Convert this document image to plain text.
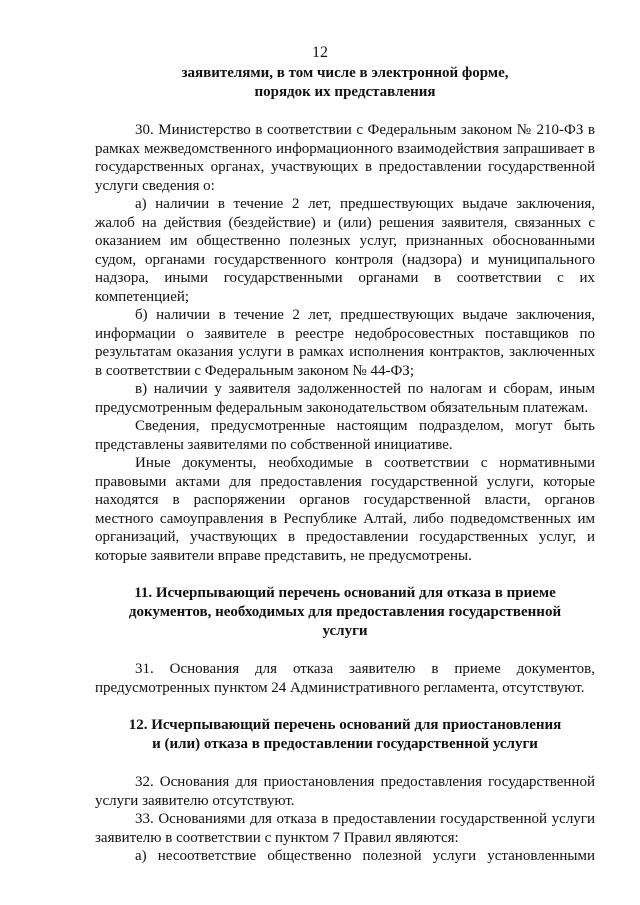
12

заявителями, в том числе в электронной форме,

порядок их представления

30. Министерство в соответствии с Федеральным законом № 210-ФЗ в рамках межведомственного информационного взаимодействия запрашивает в государственных органах, участвующих в предоставлении государственной услуги сведения о:

а) наличии в течение 2 лет, предшествующих выдаче заключения, жалоб на действия (бездействие) и (или) решения заявителя, связанных с оказанием им общественно полезных услуг, признанных обоснованными судом, органами государственного контроля (надзора) и муниципального надзора, иными государственными органами в соответствии с их компетенцией;

б) наличии в течение 2 лет, предшествующих выдаче заключения, информации о заявителе в реестре недобросовестных поставщиков по результатам оказания услуги в рамках исполнения контрактов, заключенных в соответствии с Федеральным законом № 44-ФЗ;

в) наличии у заявителя задолженностей по налогам и сборам, иным предусмотренным федеральным законодательством обязательным платежам.

Сведения, предусмотренные настоящим подразделом, могут быть представлены заявителями по собственной инициативе.

Иные документы, необходимые в соответствии с нормативными правовыми актами для предоставления государственной услуги, которые находятся в распоряжении органов государственной власти, органов местного самоуправления в Республике Алтай, либо подведомственных им организаций, участвующих в предоставлении государственных услуг, и которые заявители вправе представить, не предусмотрены.

11. Исчерпывающий перечень оснований для отказа в приеме

документов, необходимых для предоставления государственной

услуги

31. Основания для отказа заявителю в приеме документов, предусмотренных пунктом 24 Административного регламента, отсутствуют.

12. Исчерпывающий перечень оснований для приостановления

и (или) отказа в предоставлении государственной услуги

32. Основания для приостановления предоставления государственной услуги заявителю отсутствуют.

33. Основаниями для отказа в предоставлении государственной услуги заявителю в соответствии с пунктом 7 Правил являются:

а) несоответствие общественно полезной услуги установленными
